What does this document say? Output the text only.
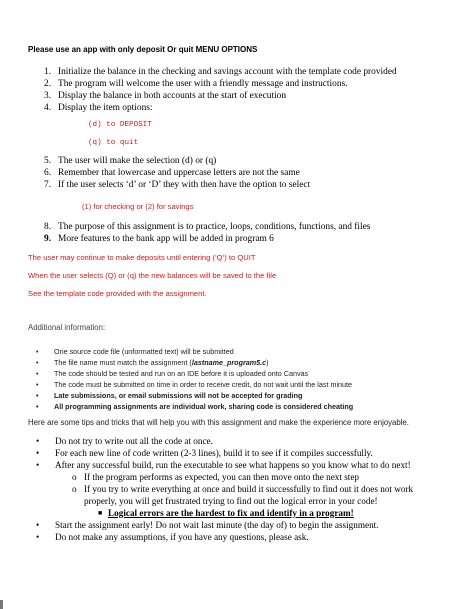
Please use an app with only deposit Or quit MENU OPTIONS
1. Initialize the balance in the checking and savings account with the template code provided
2. The program will welcome the user with a friendly message and instructions.
3. Display the balance in both accounts at the start of execution
4. Display the item options:
(d) to DEPOSIT
(q) to quit
5. The user will make the selection (d) or (q)
6. Remember that lowercase and uppercase letters are not the same
7. If the user selects ‘d’ or ‘D’ they with then have the option to select
(1) for checking or (2) for savings
8. The purpose of this assignment is to practice, loops, conditions, functions, and files
9. More features to the bank app will be added in program 6
The user may continue to make deposits until entering (‘Q’) to QUIT
When the user selects (Q) or (q) the new balances will be saved to the file
See the template code provided with the assignment.
Additional information:
• One source code file (unformatted text) will be submitted
• The file name must match the assignment (lastname_program5.c)
• The code should be tested and run on an IDE before it is uploaded onto Canvas
• The code must be submitted on time in order to receive credit, do not wait until the last minute
• Late submissions, or email submissions will not be accepted for grading
• All programming assignments are individual work, sharing code is considered cheating
Here are some tips and tricks that will help you with this assignment and make the experience more enjoyable.
• Do not try to write out all the code at once.
• For each new line of code written (2-3 lines), build it to see if it compiles successfully.
• After any successful build, run the executable to see what happens so you know what to do next!
o If the program performs as expected, you can then move onto the next step
o If you try to write everything at once and build it successfully to find out it does not work
properly, you will get frustrated trying to find out the logical error in your code!
■ Logical errors are the hardest to fix and identify in a program!
• Start the assignment early! Do not wait last minute (the day of) to begin the assignment.
• Do not make any assumptions, if you have any questions, please ask.
